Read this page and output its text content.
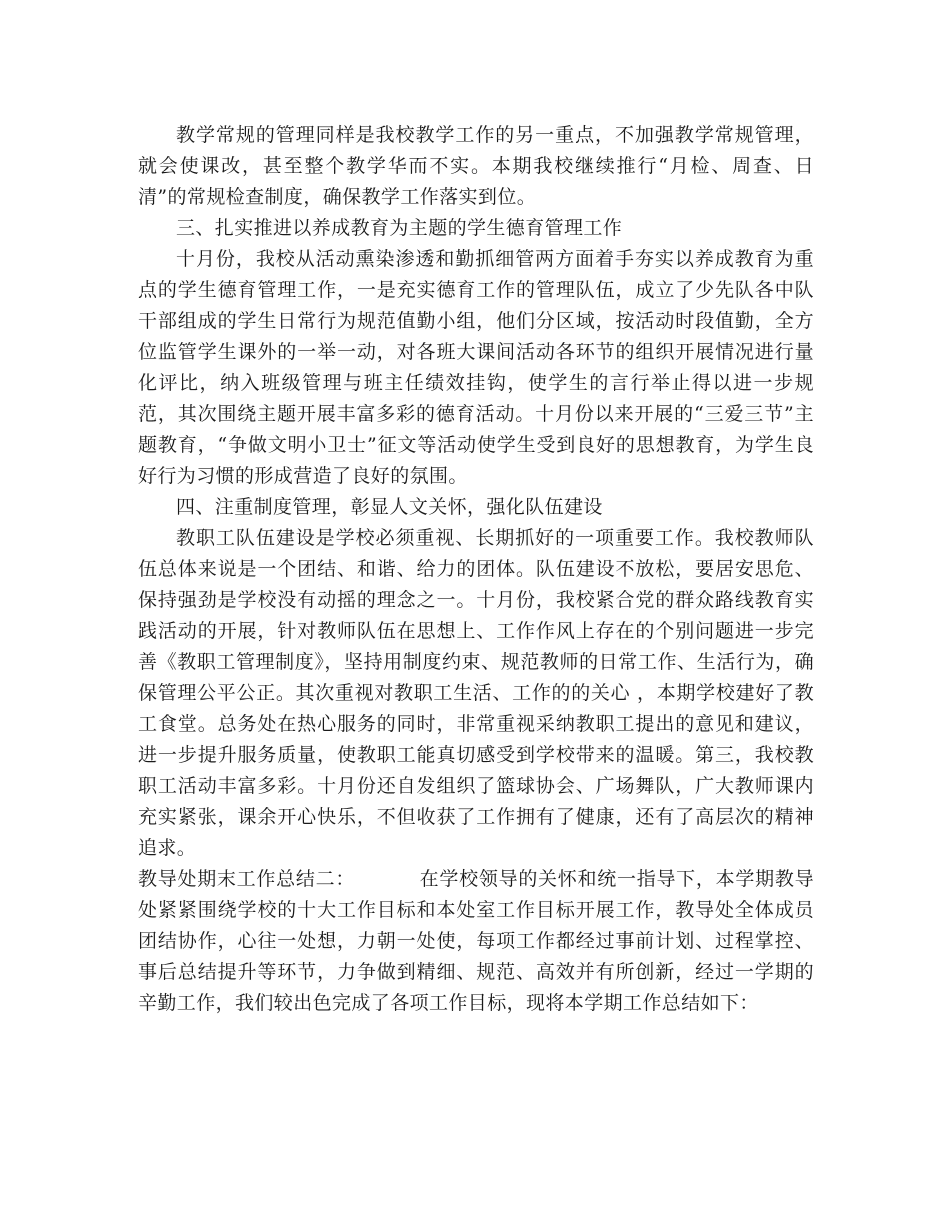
教学常规的管理同样是我校教学工作的另一重点，不加强教学常规管理，就会使课改，甚至整个教学华而不实。本期我校继续推行“月检、周查、日清”的常规检查制度，确保教学工作落实到位。

三、扎实推进以养成教育为主题的学生德育管理工作

十月份，我校从活动熏染渗透和勤抓细管两方面着手夯实以养成教育为重点的学生德育管理工作，一是充实德育工作的管理队伍，成立了少先队各中队干部组成的学生日常行为规范值勤小组，他们分区域，按活动时段值勤，全方位监管学生课外的一举一动，对各班大课间活动各环节的组织开展情况进行量化评比，纳入班级管理与班主任绩效挂钩，使学生的言行举止得以进一步规范，其次围绕主题开展丰富多彩的德育活动。十月份以来开展的“三爱三节”主题教育，“争做文明小卫士”征文等活动使学生受到良好的思想教育，为学生良好行为习惯的形成营造了良好的氛围。

四、注重制度管理，彰显人文关怀，强化队伍建设

教职工队伍建设是学校必须重视、长期抓好的一项重要工作。我校教师队伍总体来说是一个团结、和谐、给力的团体。队伍建设不放松，要居安思危、保持强劲是学校没有动摇的理念之一。十月份，我校紧合党的群众路线教育实践活动的开展，针对教师队伍在思想上、工作作风上存在的个别问题进一步完善《教职工管理制度》，坚持用制度约束、规范教师的日常工作、生活行为，确保管理公平公正。其次重视对教职工生活、工作的的关心 ，本期学校建好了教工食堂。总务处在热心服务的同时，非常重视采纳教职工提出的意见和建议，进一步提升服务质量，使教职工能真切感受到学校带来的温暖。第三，我校教职工活动丰富多彩。十月份还自发组织了篮球协会、广场舞队，广大教师课内充实紧张，课余开心快乐，不但收获了工作拥有了健康，还有了高层次的精神追求。

教导处期末工作总结二：	在学校领导的关怀和统一指导下，本学期教导处紧紧围绕学校的十大工作目标和本处室工作目标开展工作，教导处全体成员团结协作，心往一处想，力朝一处使，每项工作都经过事前计划、过程掌控、事后总结提升等环节，力争做到精细、规范、高效并有所创新，经过一学期的辛勤工作，我们较出色完成了各项工作目标，现将本学期工作总结如下：
